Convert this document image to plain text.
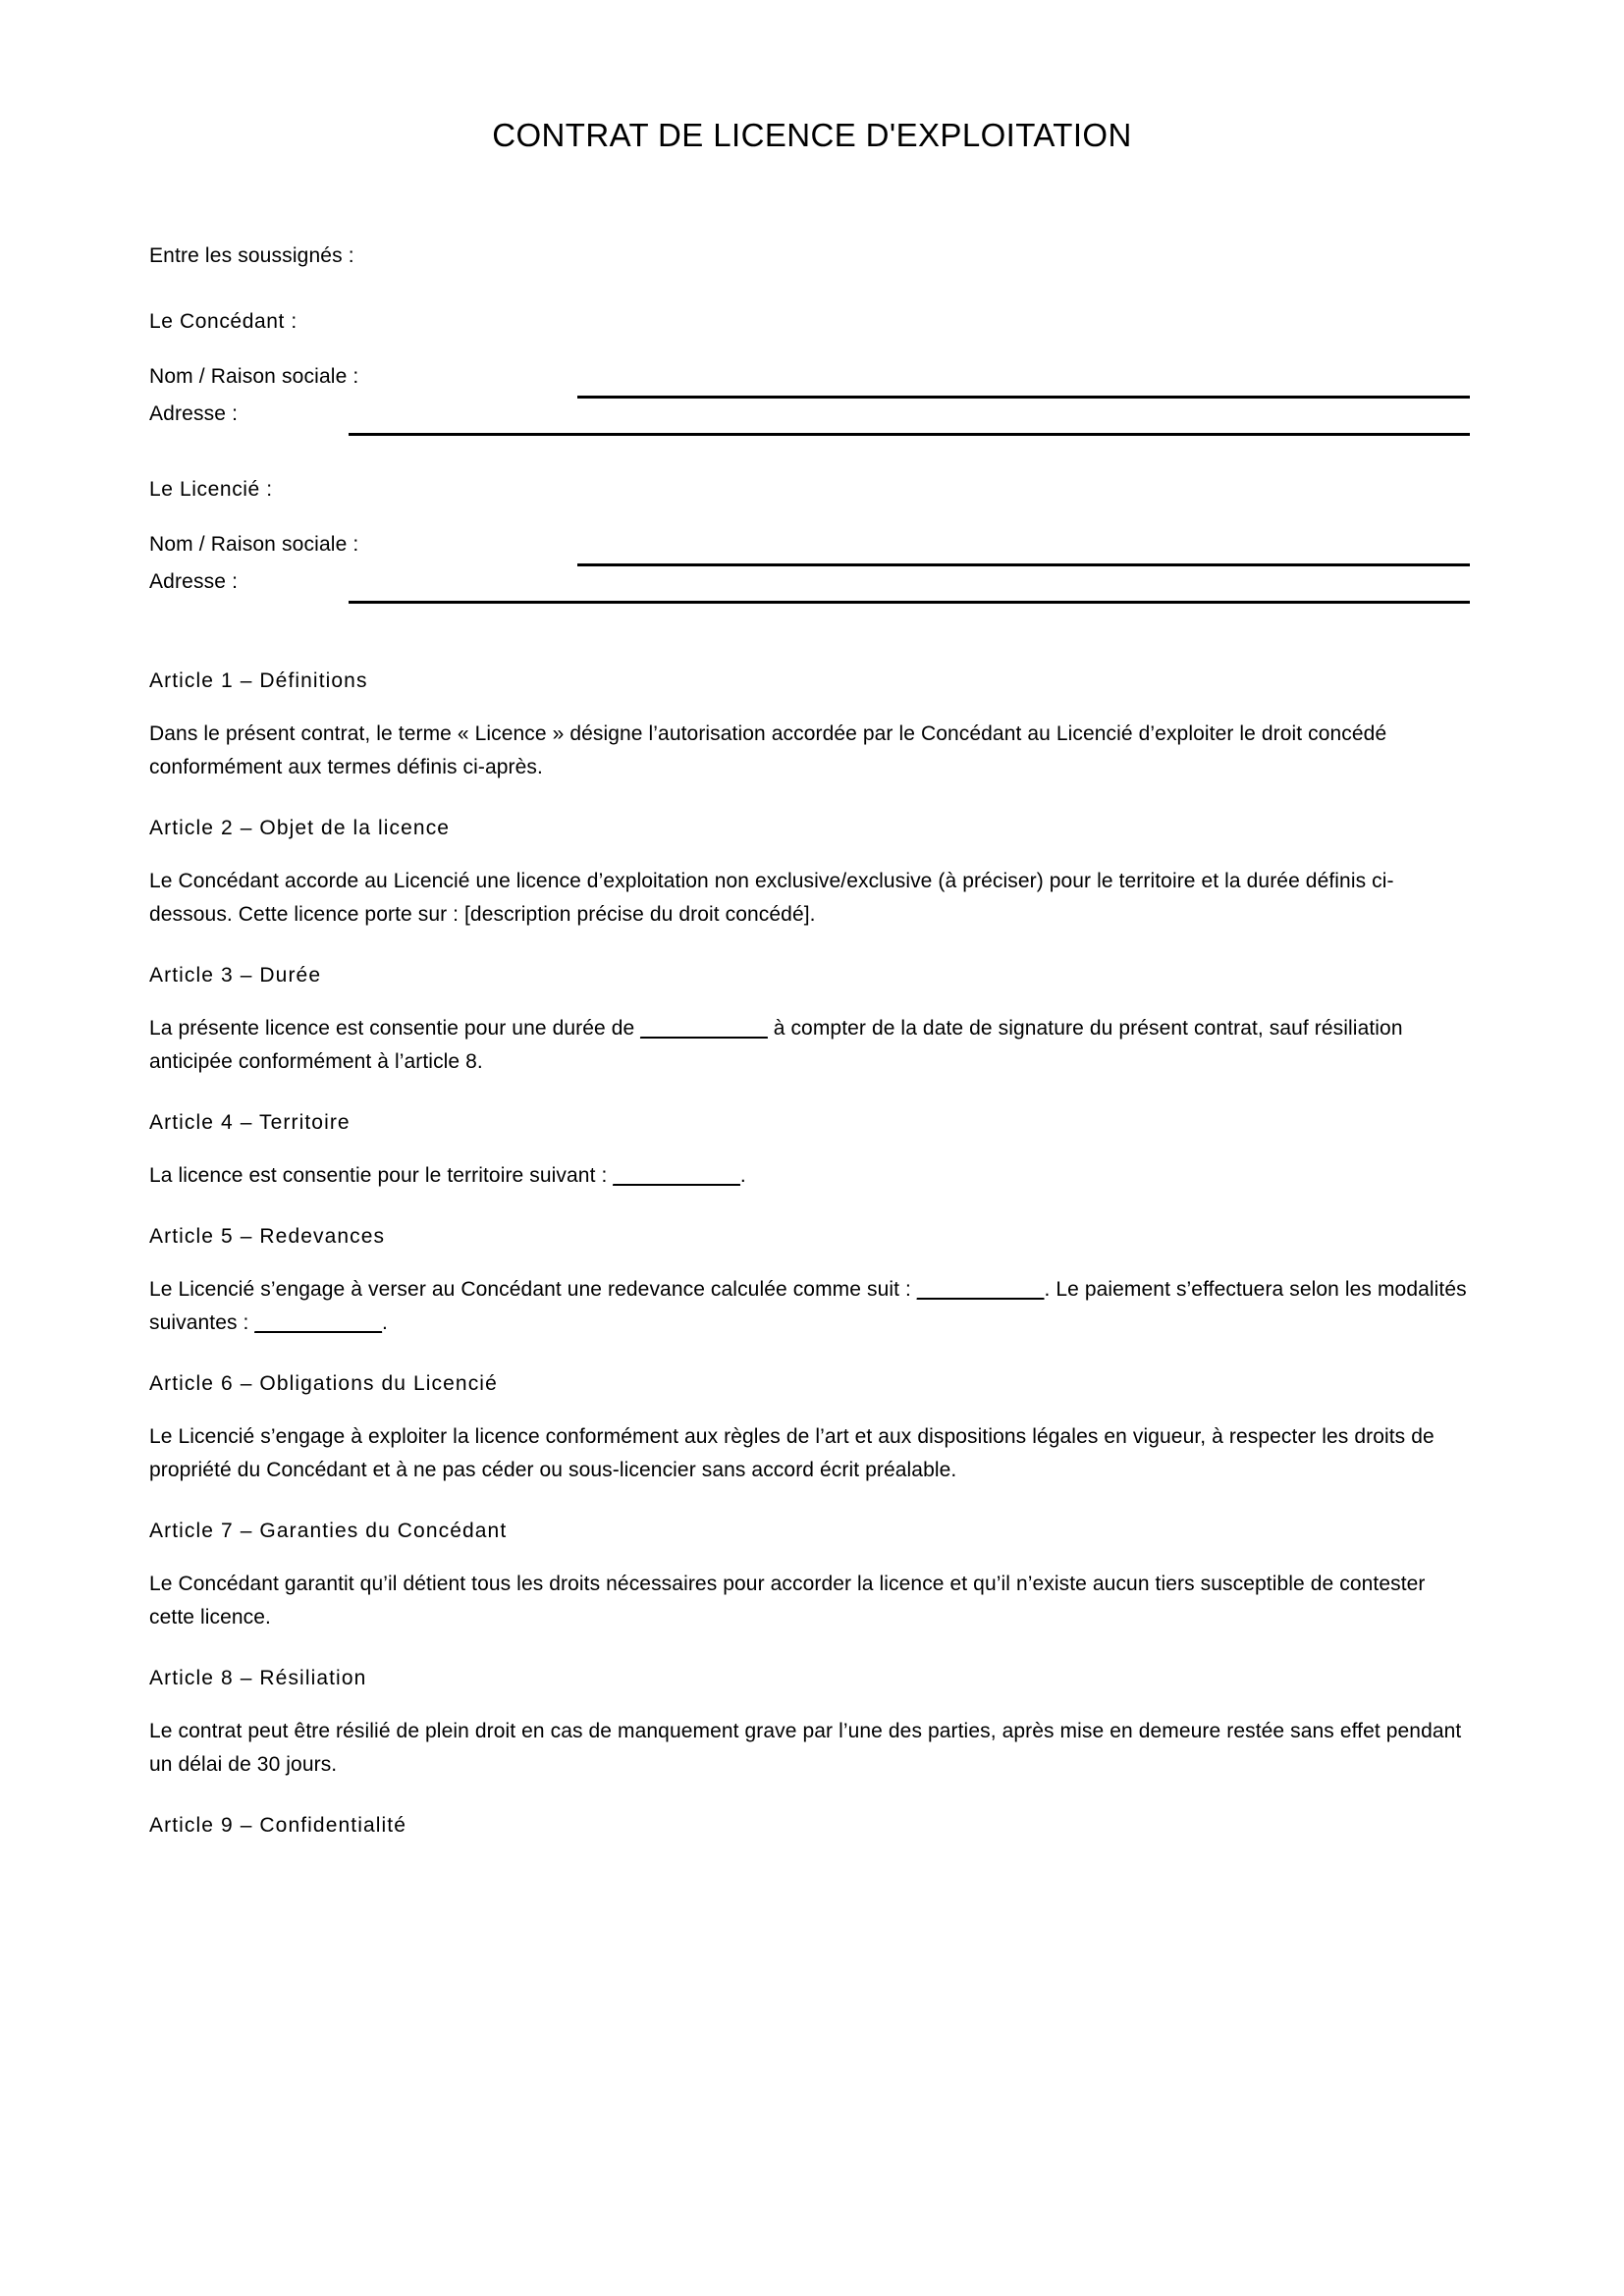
CONTRAT DE LICENCE D'EXPLOITATION

Entre les soussignés :

Le Concédant :
Nom / Raison sociale :
Adresse :
Le Licencié :
Nom / Raison sociale :
Adresse :
Article 1 – Définitions

Dans le présent contrat, le terme « Licence » désigne l’autorisation accordée par le Concédant au Licencié d’exploiter le droit concédé conformément aux termes définis ci-après.

Article 2 – Objet de la licence

Le Concédant accorde au Licencié une licence d’exploitation non exclusive/exclusive (à préciser) pour le territoire et la durée définis ci-dessous. Cette licence porte sur : [description précise du droit concédé].

Article 3 – Durée

La présente licence est consentie pour une durée de ___________ à compter de la date de signature du présent contrat, sauf résiliation anticipée conformément à l’article 8.

Article 4 – Territoire

La licence est consentie pour le territoire suivant : ___________.

Article 5 – Redevances

Le Licencié s’engage à verser au Concédant une redevance calculée comme suit : ___________. Le paiement s’effectuera selon les modalités suivantes : ___________.

Article 6 – Obligations du Licencié

Le Licencié s’engage à exploiter la licence conformément aux règles de l’art et aux dispositions légales en vigueur, à respecter les droits de propriété du Concédant et à ne pas céder ou sous-licencier sans accord écrit préalable.

Article 7 – Garanties du Concédant

Le Concédant garantit qu’il détient tous les droits nécessaires pour accorder la licence et qu’il n’existe aucun tiers susceptible de contester cette licence.

Article 8 – Résiliation

Le contrat peut être résilié de plein droit en cas de manquement grave par l’une des parties, après mise en demeure restée sans effet pendant un délai de 30 jours.

Article 9 – Confidentialité
